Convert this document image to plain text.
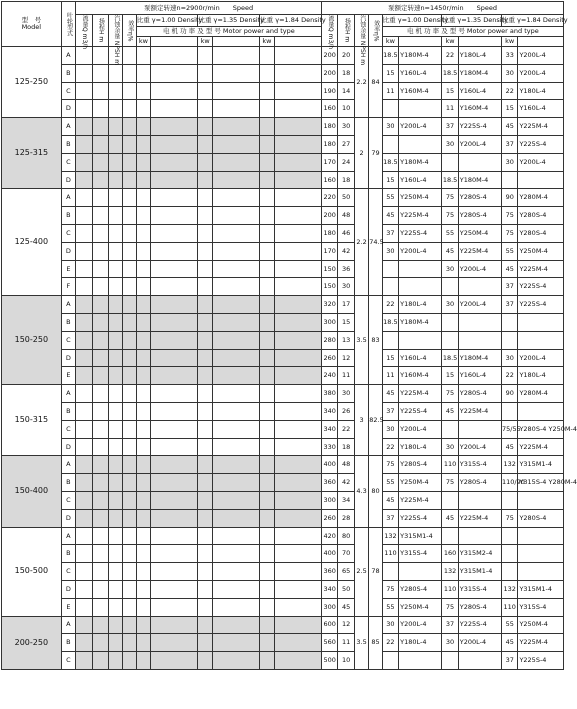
型　号
Model	叶轮型式	泵额定转速n=2900r/min　　Speed										泵额定转速n=1450r/min　　Speed									
		流量Q m3/h	扬程H m	汽蚀余量 NPSH m	效率η%	比重 γ=1.00 Density		比重 γ=1.35 Density		比重 γ=1.84 Density		流量Q m3/h	扬程H m	汽蚀余量 NPSH m	效率η%	比重 γ=1.00 Density		比重 γ=1.35 Density		比重 γ=1.84 Density	
						电 机 功 率 及 型 号 Motor power and type										电 机 功 率 及 型 号 Motor power and type					
						kw		kw		kw						kw		kw		kw	
125-250	A											200	20	2.2	84	18.5	Y180M-4	22	Y180L-4	33	Y200L-4
	B											200	18			15	Y160L-4	18.5	Y180M-4	30	Y200L-4
	C											190	14			11	Y160M-4	15	Y160L-4	22	Y180L-4
	D											160	10					11	Y160M-4	15	Y160L-4
125-315	A											180	30	2	79	30	Y200L-4	37	Y225S-4	45	Y225M-4
	B											180	27					30	Y200L-4	37	Y225S-4
	C											170	24			18.5	Y180M-4			30	Y200L-4
	D											160	18			15	Y160L-4	18.5	Y180M-4		
125-400	A											220	50	2.2	74.5	55	Y250M-4	75	Y280S-4	90	Y280M-4
	B											200	48			45	Y225M-4	75	Y280S-4	75	Y280S-4
	C											180	46			37	Y225S-4	55	Y250M-4	75	Y280S-4
	D											170	42			30	Y200L-4	45	Y225M-4	55	Y250M-4
	E											150	36					30	Y200L-4	45	Y225M-4
	F											150	30							37	Y225S-4
150-250	A											320	17	3.5	83	22	Y180L-4	30	Y200L-4	37	Y225S-4
	B											300	15			18.5	Y180M-4				
	C											280	13								
	D											260	12			15	Y160L-4	18.5	Y180M-4	30	Y200L-4
	E											240	11			11	Y160M-4	15	Y160L-4	22	Y180L-4
150-315	A											380	30	3	82.5	45	Y225M-4	75	Y280S-4	90	Y280M-4
	B											340	26			37	Y225S-4	45	Y225M-4		
	C											340	22			30	Y200L-4			75/55	Y280S-4 Y250M-4
	D											330	18			22	Y180L-4	30	Y200L-4	45	Y225M-4
150-400	A											400	48	4.3	80	75	Y280S-4	110	Y315S-4	132	Y315M1-4
	B											360	42			55	Y250M-4	75	Y280S-4	110/90	Y315S-4 Y280M-4
	C											300	34			45	Y225M-4				
	D											260	28			37	Y225S-4	45	Y225M-4	75	Y280S-4
150-500	A											420	80	2.5	78	132	Y315M1-4				
	B											400	70			110	Y315S-4	160	Y315M2-4		
	C											360	65					132	Y315M1-4		
	D											340	50			75	Y280S-4	110	Y315S-4	132	Y315M1-4
	E											300	45			55	Y250M-4	75	Y280S-4	110	Y315S-4
200-250	A											600	12	3.5	85	30	Y200L-4	37	Y225S-4	55	Y250M-4
	B											560	11			22	Y180L-4	30	Y200L-4	45	Y225M-4
	C											500	10							37	Y225S-4
